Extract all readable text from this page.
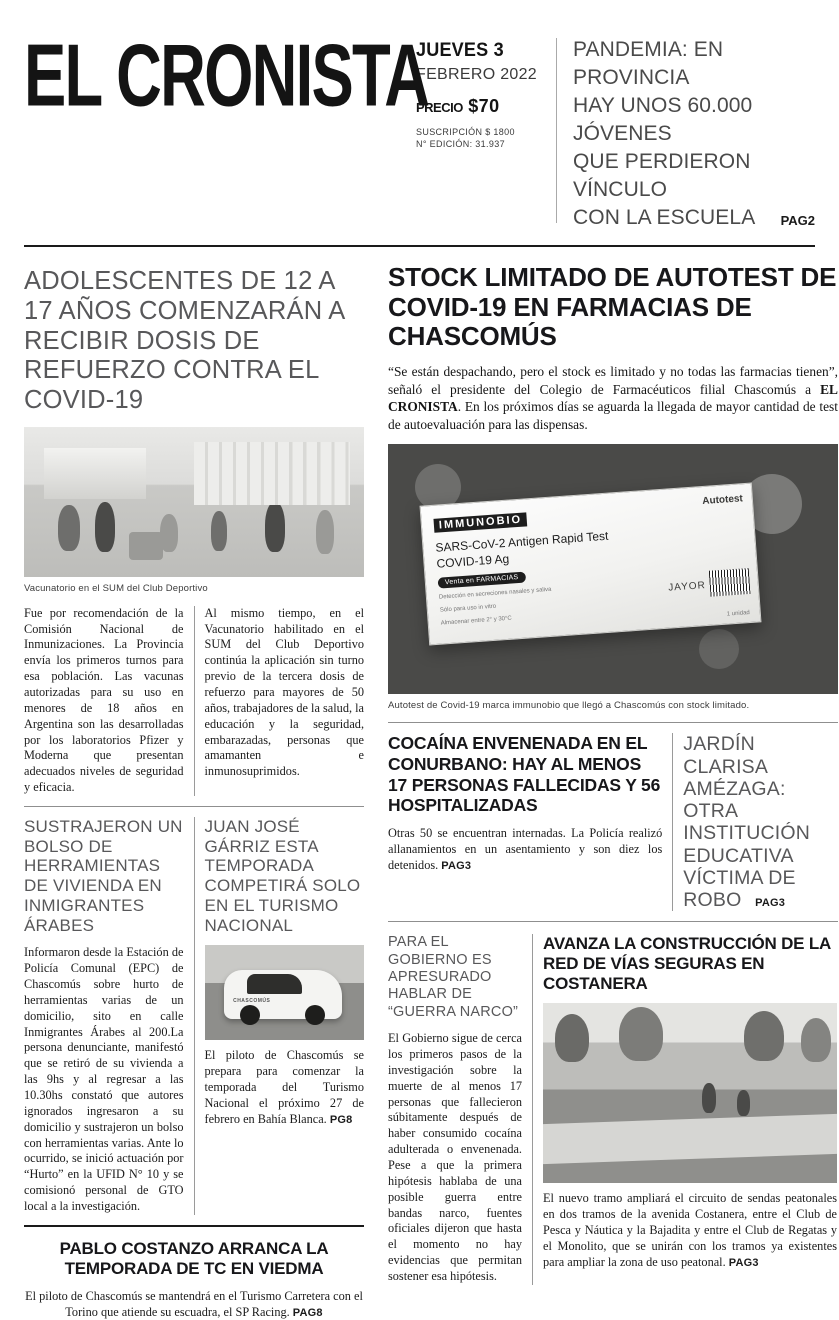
EL CRONISTA
JUEVES 3
FEBRERO 2022
PRECIO $70
SUSCRIPCIÓN $ 1800
N° EDICIÓN: 31.937
PANDEMIA: EN PROVINCIA
HAY UNOS 60.000 JÓVENES
QUE PERDIERON VÍNCULO
CON LA ESCUELA	PAG2
ADOLESCENTES DE 12 A 17 AÑOS COMENZARÁN A RECIBIR DOSIS DE REFUERZO CONTRA EL COVID-19
Vacunatorio en el SUM del Club Deportivo
Fue por recomendación de la Comisión Nacional de Inmunizaciones. La Provincia envía los primeros turnos para esa población. Las vacunas autorizadas para su uso en menores de 18 años en Argentina son las desarrolladas por los laboratorios Pfizer y Moderna que presentan adecuados niveles de seguridad y eficacia.
Al mismo tiempo, en el Vacunatorio habilitado en el SUM del Club Deportivo continúa la aplicación sin turno previo de la tercera dosis de refuerzo para mayores de 50 años, trabajadores de la salud, la educación y la seguridad, embarazadas, personas que amamanten e inmunosuprimidos.
SUSTRAJERON UN BOLSO DE HERRAMIENTAS DE VIVIENDA EN INMIGRANTES ÁRABES
Informaron desde la Estación de Policía Comunal (EPC) de Chascomús sobre hurto de herramientas varias de un domicilio, sito en calle Inmigrantes Árabes al 200.La persona denunciante, manifestó que se retiró de su vivienda a las 9hs y al regresar a las 10.30hs constató que autores ignorados ingresaron a su domicilio y sustrajeron un bolso con herramientas varias. Ante lo ocurrido, se inició actuación por “Hurto” en la UFID N° 10 y se comisionó personal de GTO local a la investigación.
JUAN JOSÉ GÁRRIZ ESTA TEMPORADA COMPETIRÁ SOLO EN EL TURISMO NACIONAL
CHASCOMÚS
El piloto de Chascomús se prepara para comenzar la temporada del Turismo Nacional el próximo 27 de febrero en Bahía Blanca. PG8
PABLO COSTANZO ARRANCA LA TEMPORADA DE TC EN VIEDMA
El piloto de Chascomús se mantendrá en el Turismo Carretera con el Torino que atiende su escuadra, el SP Racing. PAG8
STOCK LIMITADO DE AUTOTEST DE COVID-19 EN FARMACIAS DE CHASCOMÚS
“Se están despachando, pero el stock es limitado y no todas las farmacias tienen”, señaló el presidente del Colegio de Farmacéuticos filial Chascomús a EL CRONISTA. En los próximos días se aguarda la llegada de mayor cantidad de test de autoevaluación para las dispensas.
IMMUNOBIO
SARS-CoV-2 Antigen Rapid Test
COVID-19 Ag
Venta en FARMACIAS
Detección en secreciones nasales y saliva
Sólo para uso in vitro
Almacenar entre 2° y 30°C
Autotest
JAYOR
1 unidad
Autotest de Covid-19 marca immunobio que llegó a Chascomús con stock limitado.
COCAÍNA ENVENENADA EN EL CONURBANO: HAY AL MENOS 17 PERSONAS FALLECIDAS Y 56 HOSPITALIZADAS
Otras 50 se encuentran internadas. La Policía realizó allanamientos en un asentamiento y son diez los detenidos. PAG3
JARDÍN CLARISA AMÉZAGA: OTRA INSTITUCIÓN EDUCATIVA VÍCTIMA DE ROBO PAG3
PARA EL GOBIERNO ES APRESURADO HABLAR DE “GUERRA NARCO”
El Gobierno sigue de cerca los primeros pasos de la investigación sobre la muerte de al menos 17 personas que fallecieron súbitamente después de haber consumido cocaína adulterada o envenenada. Pese a que la primera hipótesis hablaba de una posible guerra entre bandas narco, fuentes oficiales dijeron que hasta el momento no hay evidencias que permitan sostener esa hipótesis.
AVANZA LA CONSTRUCCIÓN DE LA RED DE VÍAS SEGURAS EN COSTANERA
El nuevo tramo ampliará el circuito de sendas peatonales en dos tramos de la avenida Costanera, entre el Club de Pesca y Náutica y la Bajadita y entre el Club de Regatas y el Monolito, que se unirán con los tramos ya existentes para ampliar la zona de uso peatonal. PAG3
